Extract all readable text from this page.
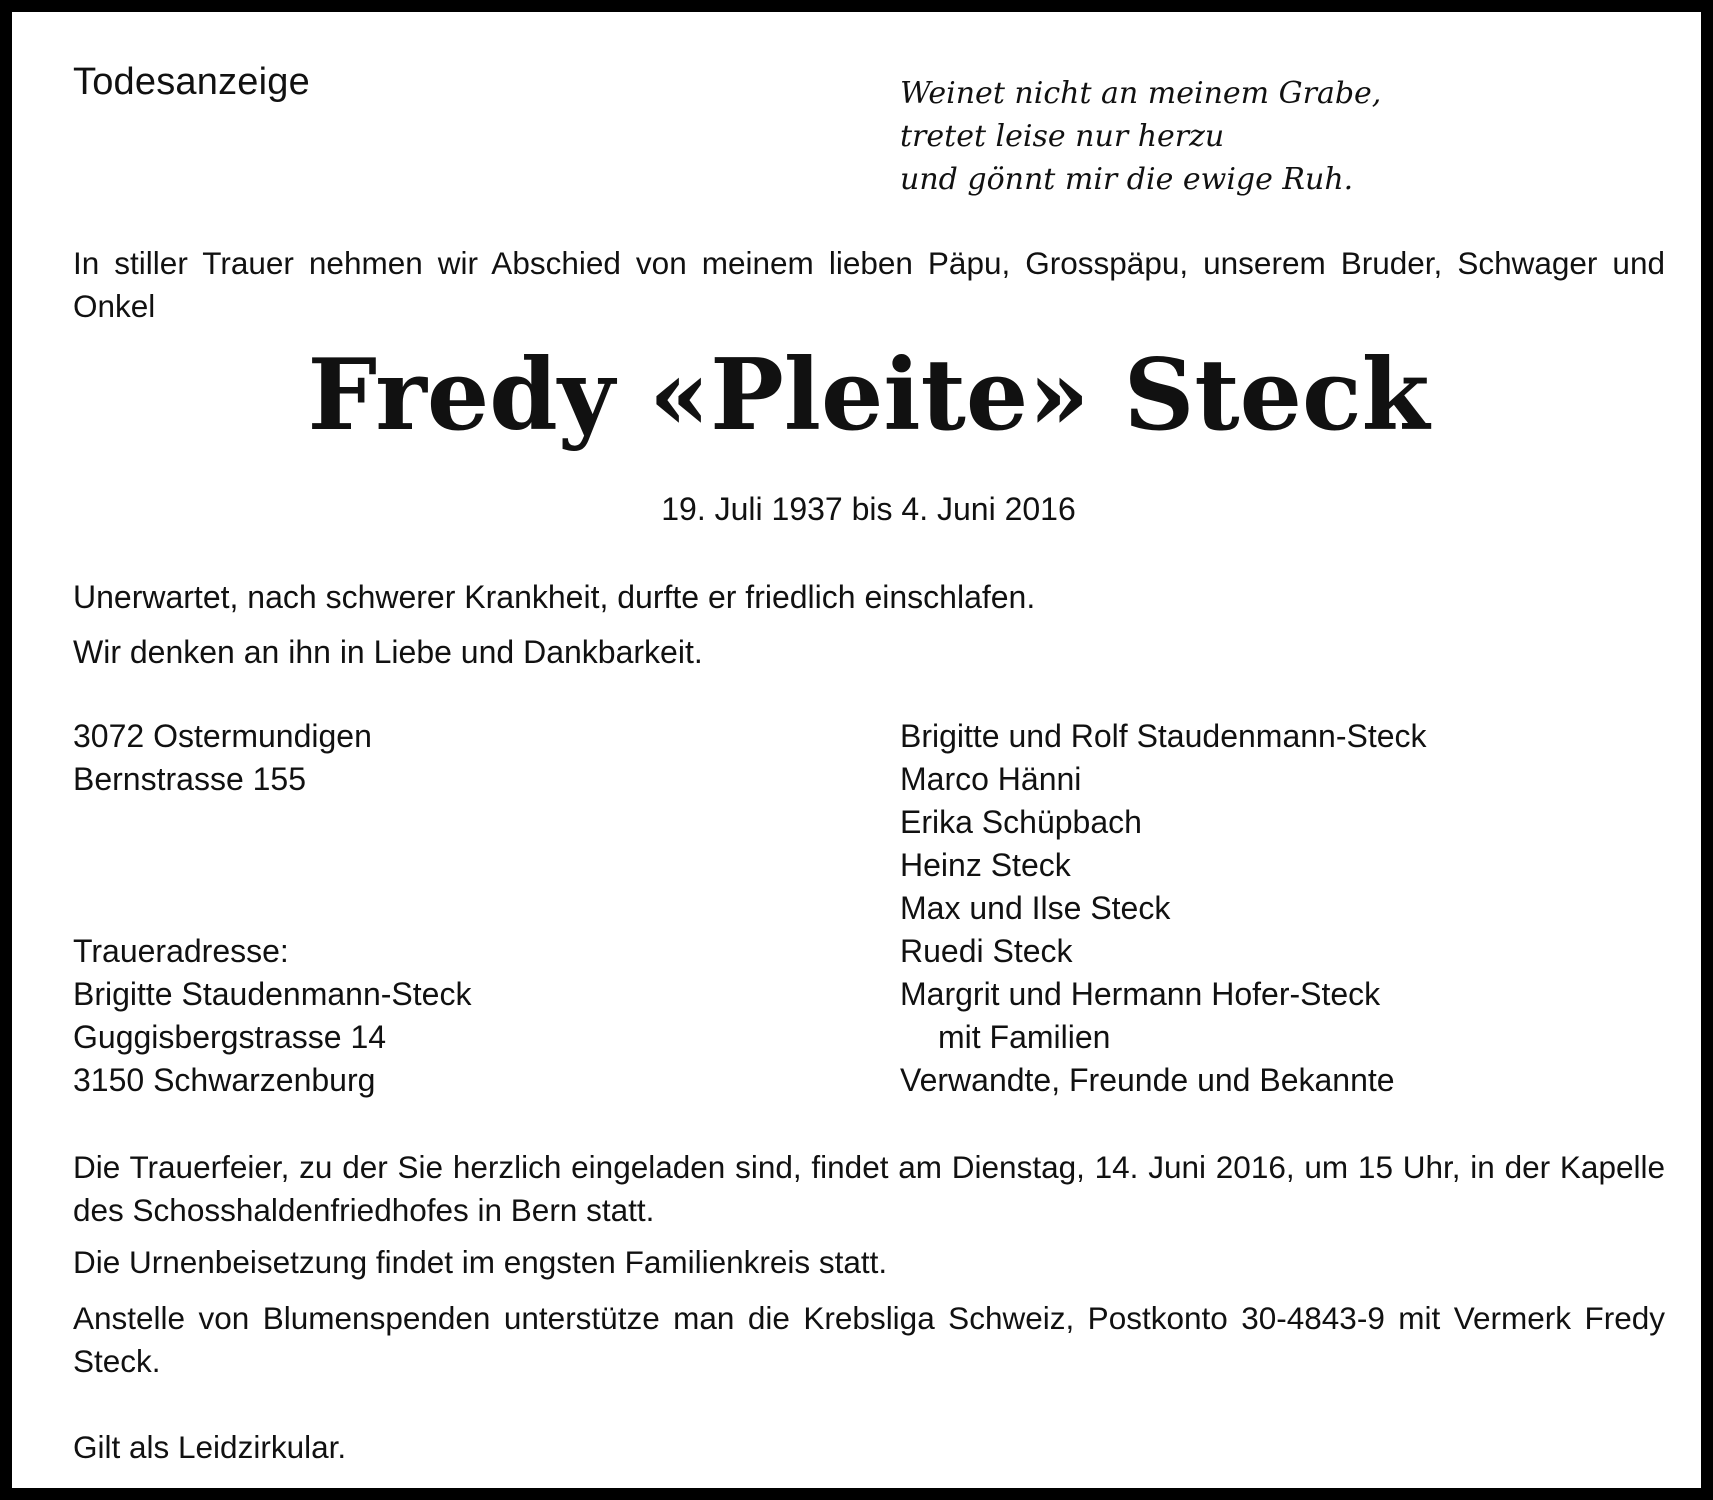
Todesanzeige	Weinet nicht an meinem Grabe,
tretet leise nur herzu
und gönnt mir die ewige Ruh.

In stiller Trauer nehmen wir Abschied von meinem lieben Päpu, Grosspäpu, unserem Bruder, Schwager und Onkel

Fredy «Pleite» Steck

19. Juli 1937 bis 4. Juni 2016

Unerwartet, nach schwerer Krankheit, durfte er friedlich einschlafen.

Wir denken an ihn in Liebe und Dankbarkeit.

3072 Ostermundigen
Bernstrasse 155
Traueradresse:
Brigitte Staudenmann-Steck
Guggisbergstrasse 14
3150 Schwarzenburg
Brigitte und Rolf Staudenmann-Steck
Marco Hänni
Erika Schüpbach
Heinz Steck
Max und Ilse Steck
Ruedi Steck
Margrit und Hermann Hofer-Steck
mit Familien
Verwandte, Freunde und Bekannte

Die Trauerfeier, zu der Sie herzlich eingeladen sind, findet am Dienstag, 14. Juni 2016, um 15 Uhr, in der Kapelle des Schosshaldenfriedhofes in Bern statt.

Die Urnenbeisetzung findet im engsten Familienkreis statt.

Anstelle von Blumenspenden unterstütze man die Krebsliga Schweiz, Postkonto 30-4843-9 mit Vermerk Fredy Steck.

Gilt als Leidzirkular.
